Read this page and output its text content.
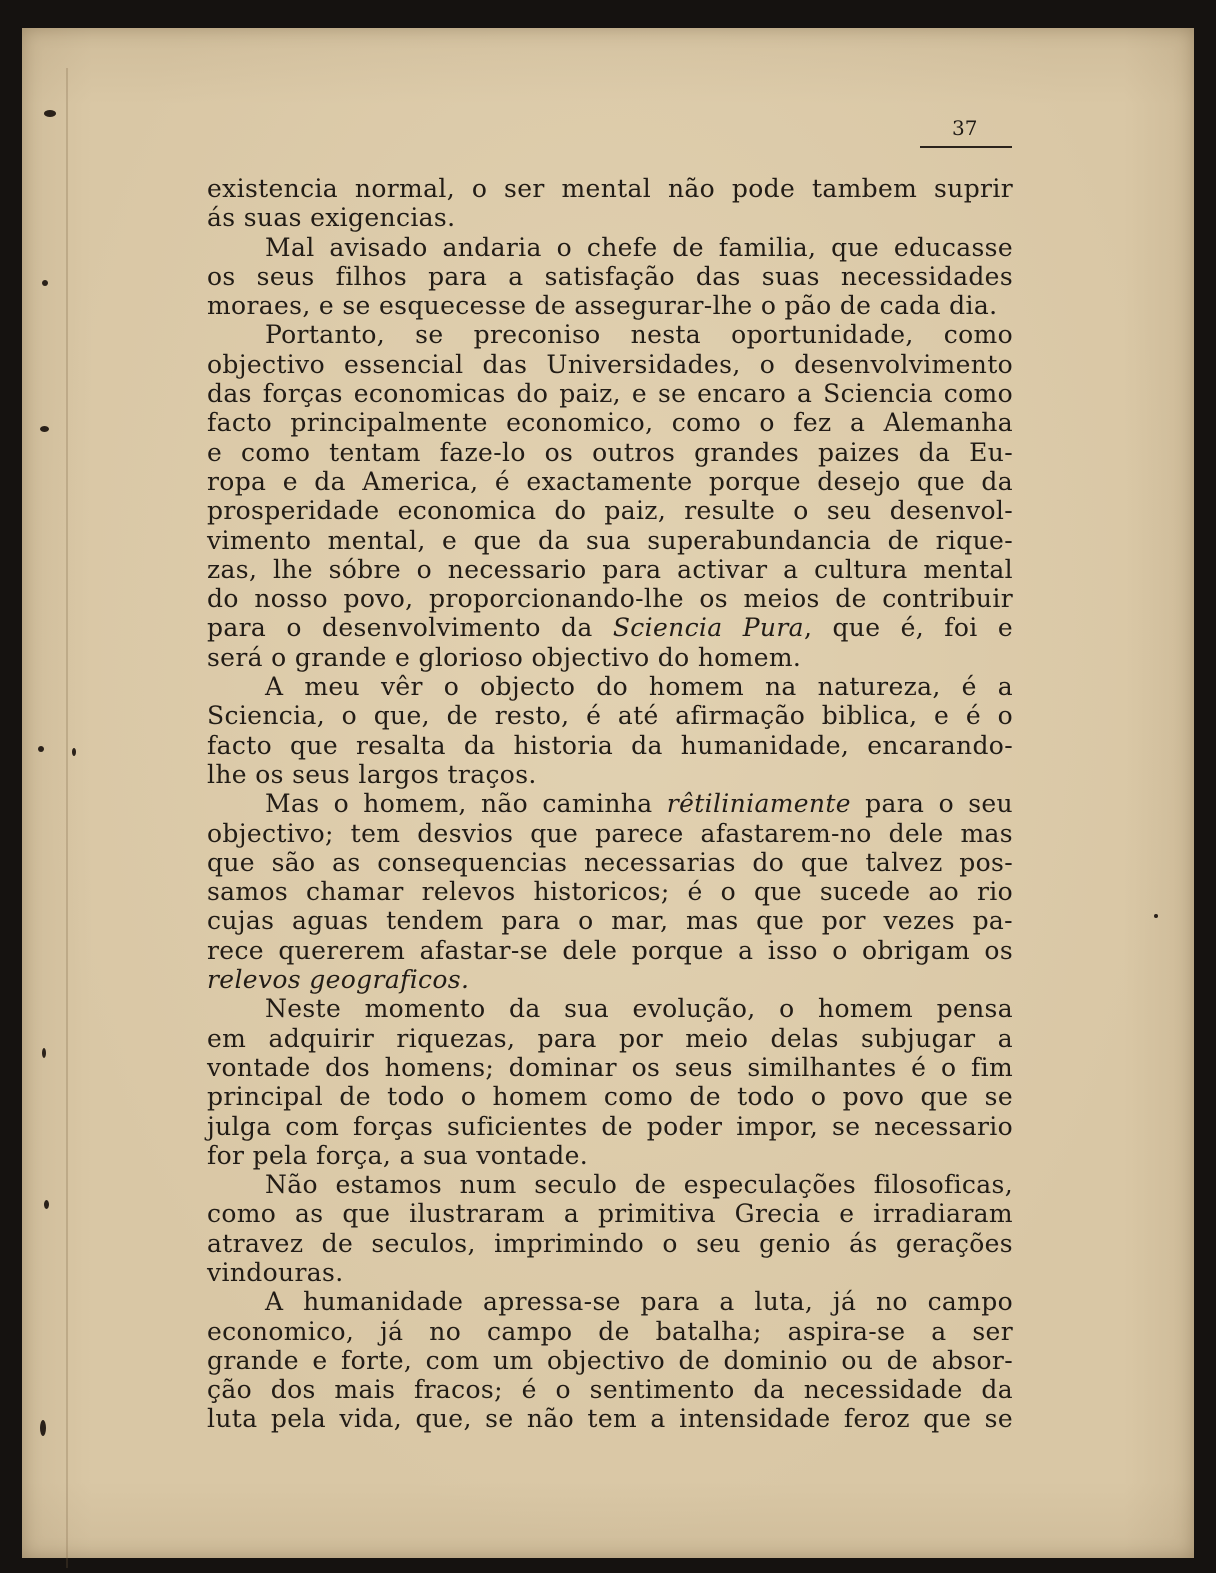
37
existencia normal, o ser mental não pode tambem suprir
ás suas exigencias.
Mal avisado andaria o chefe de familia, que educasse
os seus filhos para a satisfação das suas necessidades
moraes, e se esquecesse de assegurar-lhe o pão de cada dia.
Portanto, se preconiso nesta oportunidade, como
objectivo essencial das Universidades, o desenvolvimento
das forças economicas do paiz, e se encaro a Sciencia como
facto principalmente economico, como o fez a Alemanha
e como tentam faze-lo os outros grandes paizes da Eu-
ropa e da America, é exactamente porque desejo que da
prosperidade economica do paiz, resulte o seu desenvol-
vimento mental, e que da sua superabundancia de rique-
zas, lhe sóbre o necessario para activar a cultura mental
do nosso povo, proporcionando-lhe os meios de contribuir
para o desenvolvimento da Sciencia Pura, que é, foi e
será o grande e glorioso objectivo do homem.
A meu vêr o objecto do homem na natureza, é a
Sciencia, o que, de resto, é até afirmação biblica, e é o
facto que resalta da historia da humanidade, encarando-
lhe os seus largos traços.
Mas o homem, não caminha rêtiliniamente para o seu
objectivo; tem desvios que parece afastarem-no dele mas
que são as consequencias necessarias do que talvez pos-
samos chamar relevos historicos; é o que sucede ao rio
cujas aguas tendem para o mar, mas que por vezes pa-
rece quererem afastar-se dele porque a isso o obrigam os
relevos geograficos.
Neste momento da sua evolução, o homem pensa
em adquirir riquezas, para por meio delas subjugar a
vontade dos homens; dominar os seus similhantes é o fim
principal de todo o homem como de todo o povo que se
julga com forças suficientes de poder impor, se necessario
for pela força, a sua vontade.
Não estamos num seculo de especulações filosoficas,
como as que ilustraram a primitiva Grecia e irradiaram
atravez de seculos, imprimindo o seu genio ás gerações
vindouras.
A humanidade apressa-se para a luta, já no campo
economico, já no campo de batalha; aspira-se a ser
grande e forte, com um objectivo de dominio ou de absor-
ção dos mais fracos; é o sentimento da necessidade da
luta pela vida, que, se não tem a intensidade feroz que se
